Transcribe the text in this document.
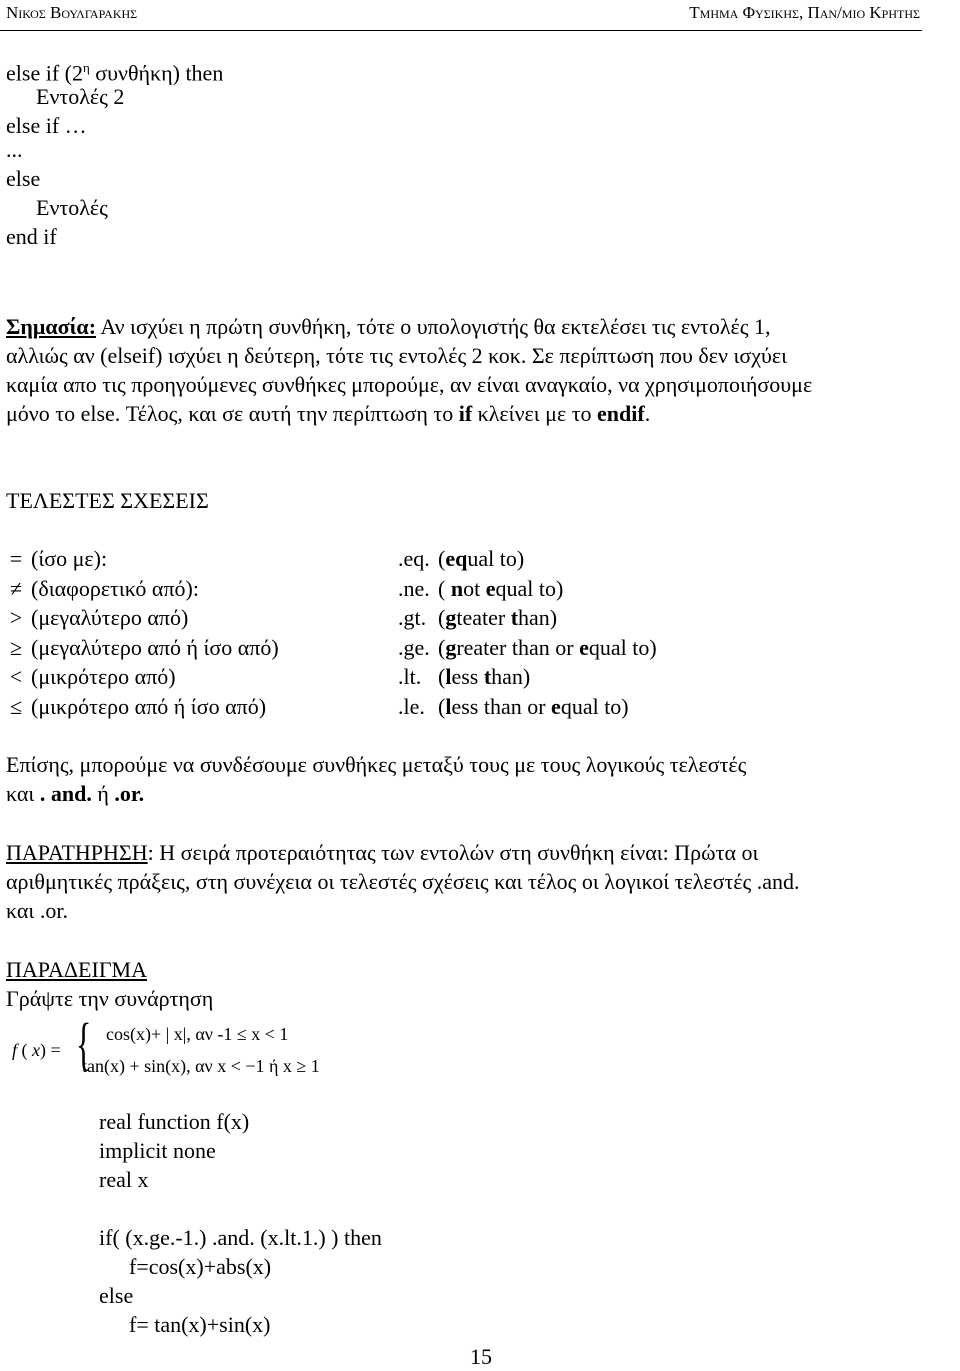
Νικος Βουλγαρακης	Τμημα Φυσικης, Παν/μιο Κρητης
else if ($2^\eta$ συνθήκη) then
Εντολές 2
else if …
...
else
Εντολές
end if
Σημασία: Αν ισχύει η πρώτη συνθήκη, τότε ο υπολογιστής θα εκτελέσει τις εντολές 1,
αλλιώς αν (elseif) ισχύει η δεύτερη, τότε τις εντολές 2 κοκ. Σε περίπτωση που δεν ισχύει
καμία απο τις προηγούμενες συνθήκες μπορούμε, αν είναι αναγκαίο, να χρησιμοποιήσουμε
μόνο το else. Τέλος, και σε αυτή την περίπτωση το if κλείνει με το endif.
ΤΕΛΕΣΤΕΣ ΣΧΕΣΕΙΣ
= (ίσο με):	.eq. (equal to)
≠ (διαφορετικό από):	.ne. ( not equal to)
> (μεγαλύτερο από)	.gt. (gteater than)
≥ (μεγαλύτερο από ή ίσο από)	.ge. (greater than or equal to)
< (μικρότερο από)	.lt. (less than)
≤ (μικρότερο από ή ίσο από)	.le. (less than or equal to)
Επίσης, μπορούμε να συνδέσουμε συνθήκες μεταξύ τους με τους λογικούς τελεστές
και . and. ή .or.
ΠΑΡΑΤΗΡΗΣΗ: Η σειρά προτεραιότητας των εντολών στη συνθήκη είναι: Πρώτα οι
αριθμητικές πράξεις, στη συνέχεια οι τελεστές σχέσεις και τέλος οι λογικοί τελεστές .and.
και .or.
ΠΑΡΑΔΕΙΓΜΑ
Γράψτε την συνάρτηση
f ( x) = { cos(x)+ | x|, αν -1 ≤ x < 1
tan(x) + sin(x), αν x < −1 ή x ≥ 1
real function f(x)
implicit none
real x
if( (x.ge.-1.) .and. (x.lt.1.) ) then
f=cos(x)+abs(x)
else
f= tan(x)+sin(x)
15
